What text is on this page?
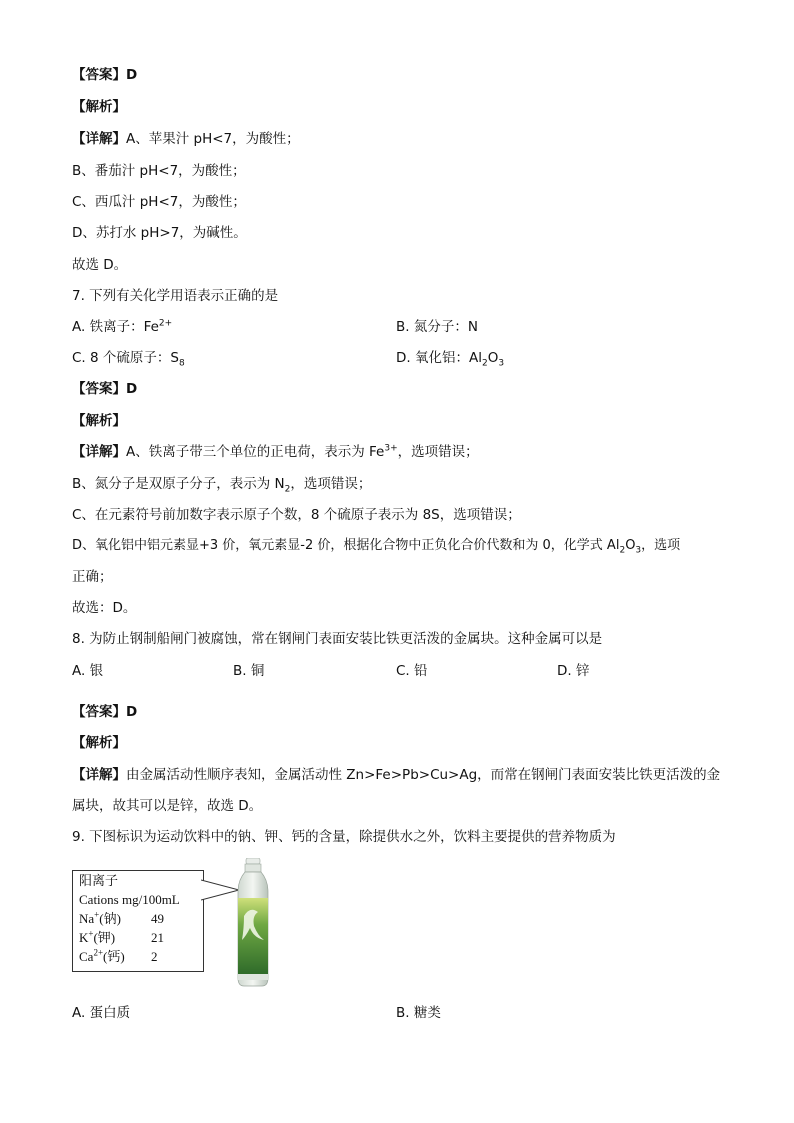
【答案】D
【解析】
【详解】A、苹果汁 pH<7，为酸性；
B、番茄汁 pH<7，为酸性；
C、西瓜汁 pH<7，为酸性；
D、苏打水 pH>7，为碱性。
故选 D。
7. 下列有关化学用语表示正确的是
A. 铁离子：$Fe^{2+}$	B. 氮分子：N
C. 8 个硫原子：$S_8$	D. 氧化铝：$Al_2O_3$
【答案】D
【解析】
【详解】A、铁离子带三个单位的正电荷，表示为 $Fe^{3+}$，选项错误；
B、氮分子是双原子分子，表示为 $N_2$，选项错误；
C、在元素符号前加数字表示原子个数，8 个硫原子表示为 8S，选项错误；
D、氧化铝中铝元素显+3 价，氧元素显-2 价，根据化合物中正负化合价代数和为 0，化学式 $Al_2O_3$，选项
正确；
故选：D。
8. 为防止钢制船闸门被腐蚀，常在钢闸门表面安装比铁更活泼的金属块。这种金属可以是
A. 银	B. 铜	C. 铅	D. 锌
【答案】D
【解析】
【详解】由金属活动性顺序表知，金属活动性 Zn>Fe>Pb>Cu>Ag，而常在钢闸门表面安装比铁更活泼的金
属块，故其可以是锌，故选 D。
9. 下图标识为运动饮料中的钠、钾、钙的含量，除提供水之外，饮料主要提供的营养物质为
阳离子
Cations mg/100mL
Na+(钠) 49
K+(钾)	21
$Ca^{2+}$(钙) 2
A. 蛋白质	B. 糖类
